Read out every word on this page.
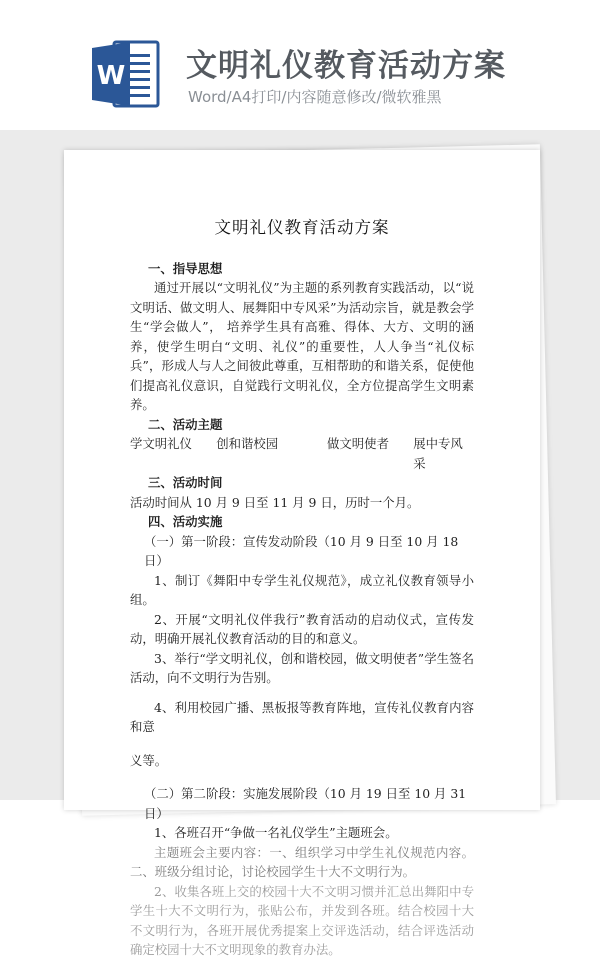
W 文明礼仪教育活动方案
Word/A4打印/内容随意修改/微软雅黑
文明礼仪教育活动方案
一、指导思想
通过开展以“文明礼仪”为主题的系列教育实践活动，以“说文明话、做文明人、展舞阳中专风采”为活动宗旨，就是教会学生“学会做人”， 培养学生具有高雅、得体、大方、文明的涵养，使学生明白“文明、礼仪”的重要性，人人争当“礼仪标兵”，形成人与人之间彼此尊重，互相帮助的和谐关系，促使他们提高礼仪意识，自觉践行文明礼仪，全方位提高学生文明素养。
二、活动主题
学文明礼仪	创和谐校园	做文明使者	展中专风采
三、活动时间
活动时间从 10 月 9 日至 11 月 9 日，历时一个月。
四、活动实施
（一）第一阶段：宣传发动阶段（10 月 9 日至 10 月 18 日）
1、制订《舞阳中专学生礼仪规范》，成立礼仪教育领导小组。
2、开展“文明礼仪伴我行”教育活动的启动仪式，宣传发动，明确开展礼仪教育活动的目的和意义。
3、举行“学文明礼仪，创和谐校园，做文明使者”学生签名活动，向不文明行为告别。
4、利用校园广播、黑板报等教育阵地，宣传礼仪教育内容和意
义等。
（二）第二阶段：实施发展阶段（10 月 19 日至 10 月 31 日）
1、各班召开“争做一名礼仪学生”主题班会。
主题班会主要内容：一、组织学习中学生礼仪规范内容。二、班级分组讨论，讨论校园学生十大不文明行为。
2、收集各班上交的校园十大不文明习惯并汇总出舞阳中专学生十大不文明行为，张贴公布，并发到各班。结合校园十大不文明行为，各班开展优秀提案上交评选活动，结合评选活动确定校园十大不文明现象的教育办法。
